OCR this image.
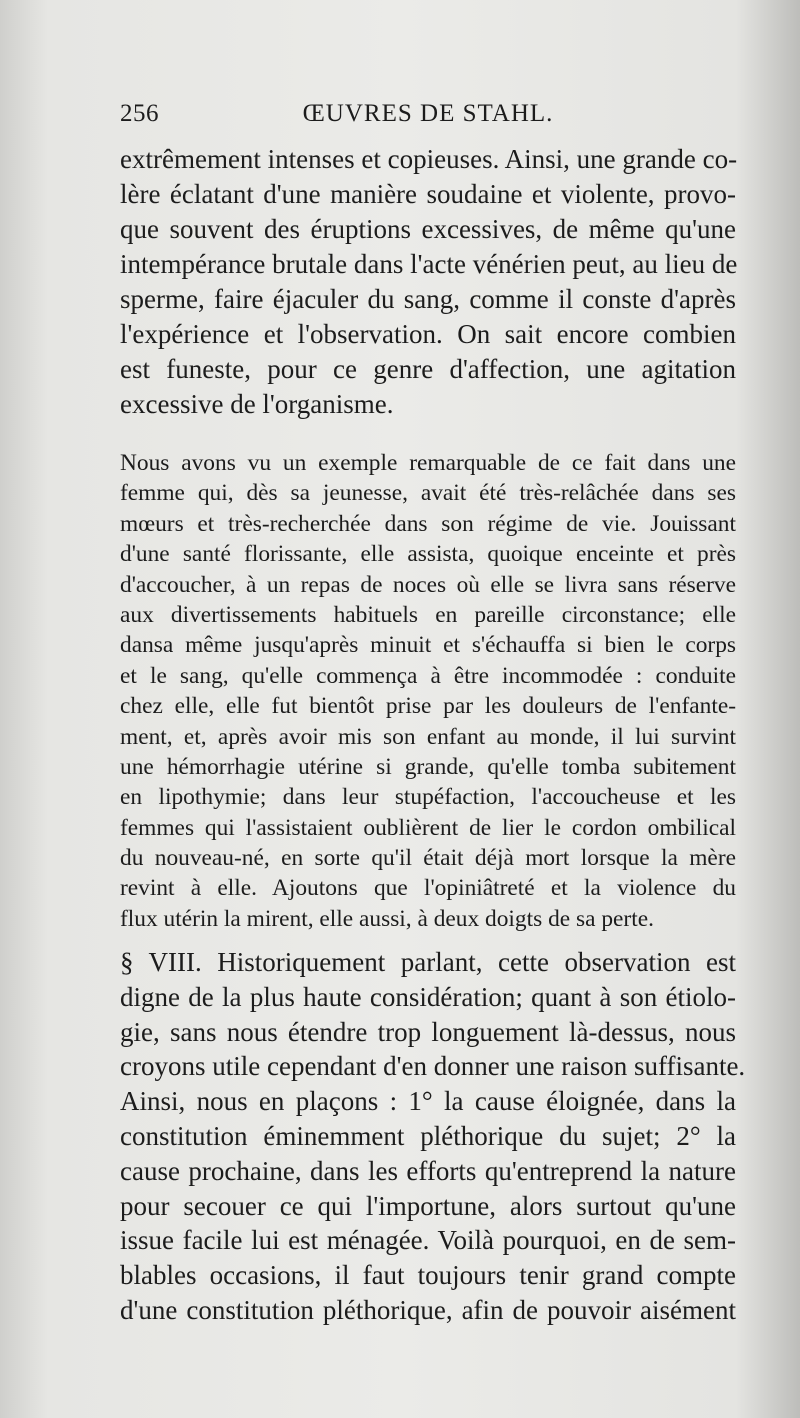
256	ŒUVRES DE STAHL.
extrêmement intenses et copieuses. Ainsi, une grande co-
lère éclatant d'une manière soudaine et violente, provo-
que souvent des éruptions excessives, de même qu'une
intempérance brutale dans l'acte vénérien peut, au lieu de
sperme, faire éjaculer du sang, comme il conste d'après
l'expérience et l'observation. On sait encore combien
est funeste, pour ce genre d'affection, une agitation
excessive de l'organisme.
Nous avons vu un exemple remarquable de ce fait dans une
femme qui, dès sa jeunesse, avait été très-relâchée dans ses
mœurs et très-recherchée dans son régime de vie. Jouissant
d'une santé florissante, elle assista, quoique enceinte et près
d'accoucher, à un repas de noces où elle se livra sans réserve
aux divertissements habituels en pareille circonstance; elle
dansa même jusqu'après minuit et s'échauffa si bien le corps
et le sang, qu'elle commença à être incommodée : conduite
chez elle, elle fut bientôt prise par les douleurs de l'enfante-
ment, et, après avoir mis son enfant au monde, il lui survint
une hémorrhagie utérine si grande, qu'elle tomba subitement
en lipothymie; dans leur stupéfaction, l'accoucheuse et les
femmes qui l'assistaient oublièrent de lier le cordon ombilical
du nouveau-né, en sorte qu'il était déjà mort lorsque la mère
revint à elle. Ajoutons que l'opiniâtreté et la violence du
flux utérin la mirent, elle aussi, à deux doigts de sa perte.
§ VIII. Historiquement parlant, cette observation est
digne de la plus haute considération; quant à son étiolo-
gie, sans nous étendre trop longuement là-dessus, nous
croyons utile cependant d'en donner une raison suffisante.
Ainsi, nous en plaçons : 1° la cause éloignée, dans la
constitution éminemment pléthorique du sujet; 2° la
cause prochaine, dans les efforts qu'entreprend la nature
pour secouer ce qui l'importune, alors surtout qu'une
issue facile lui est ménagée. Voilà pourquoi, en de sem-
blables occasions, il faut toujours tenir grand compte
d'une constitution pléthorique, afin de pouvoir aisément
